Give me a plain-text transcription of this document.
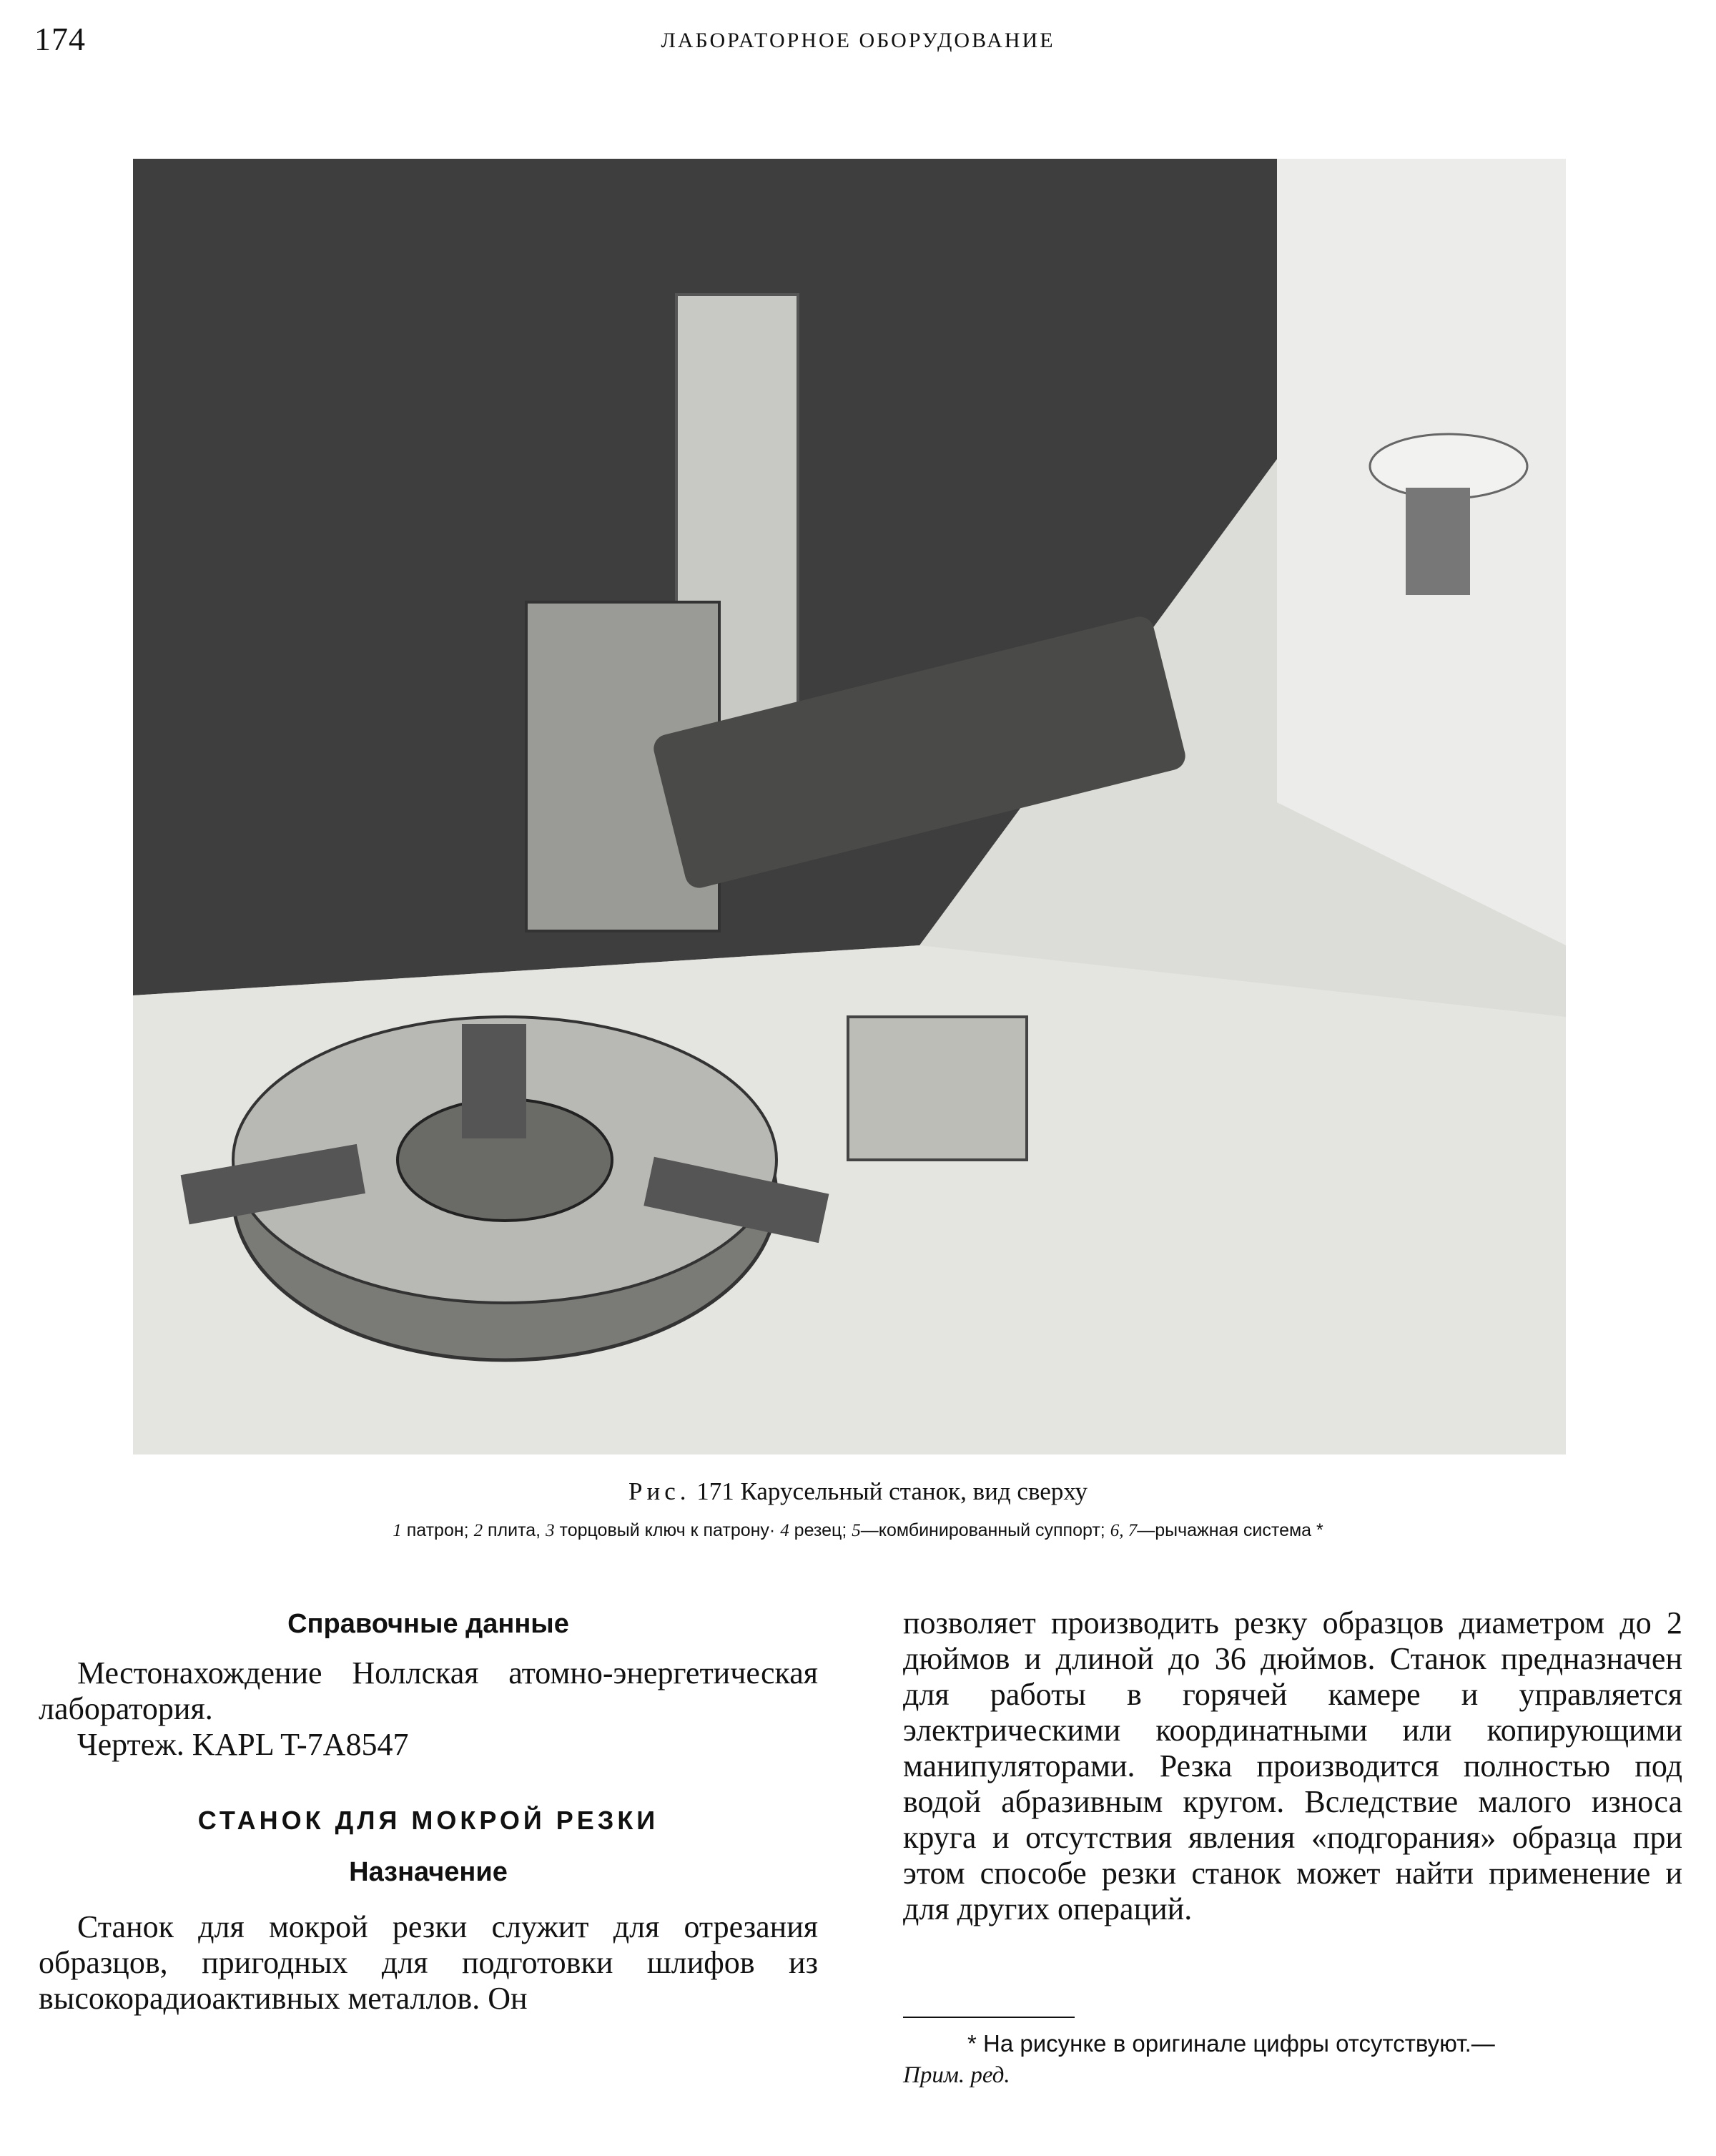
174	ЛАБОРАТОРНОЕ ОБОРУДОВАНИЕ
Рис. 171 Карусельный станок, вид сверху
1 патрон; 2 плита, 3 торцовый ключ к патрону· 4 резец; 5—комбинированный суппорт; 6, 7—рычажная система *
Справочные данные

Местонахождение Ноллская атомно-энергетическая лаборатория.

Чертеж. KAPL T-7A8547

СТАНОК ДЛЯ МОКРОЙ РЕЗКИ
Назначение

Станок для мокрой резки служит для отрезания образцов, пригодных для подготовки шлифов из высокорадиоактивных металлов. Он

позволяет производить резку образцов диаметром до 2 дюймов и длиной до 36 дюймов. Станок предназначен для работы в горячей камере и управляется электрическими координатными или копирующими манипуляторами. Резка производится полностью под водой абразивным кругом. Вследствие малого износа круга и отсутствия явления «подгорания» образца при этом способе резки станок может найти применение и для других операций.

* На рисунке в оригинале цифры отсутствуют.—
Прим. ред.
